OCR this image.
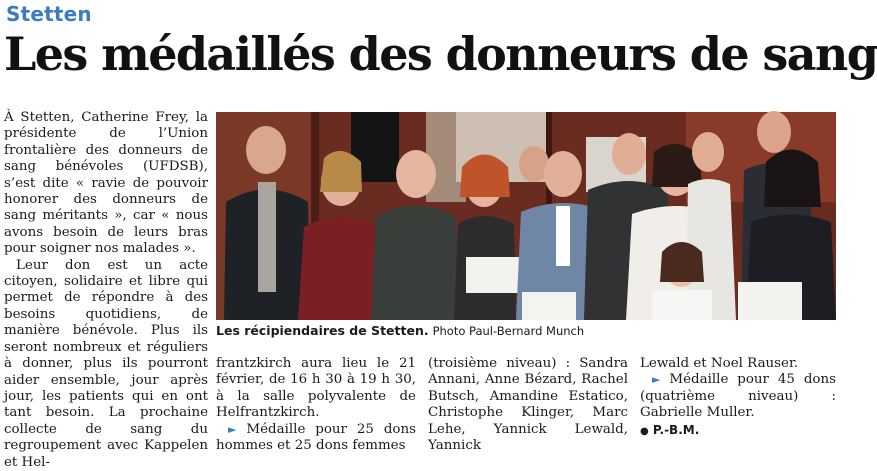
Stetten
Les médaillés des donneurs de sang

À Stetten, Catherine Frey, la présidente de l’Union frontalière des donneurs de sang bénévoles (UFDSB), s’est dite « ravie de pouvoir honorer des donneurs de sang méritants », car « nous avons besoin de leurs bras pour soigner nos malades ».

Leur don est un acte citoyen, solidaire et libre qui permet de répondre à des besoins quotidiens, de manière bénévole. Plus ils seront nombreux et réguliers à donner, plus ils pourront aider ensemble, jour après jour, les patients qui en ont tant besoin. La prochaine collecte de sang du regroupement avec Kappelen et Hel-

Les récipiendaires de Stetten. Photo Paul-Bernard Munch

frantzkirch aura lieu le 21 février, de 16 h 30 à 19 h 30, à la salle polyvalente de Helfrantzkirch.

► Médaille pour 25 dons hommes et 25 dons femmes

(troisième niveau) : Sandra Annani, Anne Bézard, Rachel Butsch, Amandine Estatico, Christophe Klinger, Marc Lehe, Yannick Lewald, Yannick

Lewald et Noel Rauser.

► Médaille pour 45 dons (quatrième niveau) : Gabrielle Muller.

● P.-B.M.
